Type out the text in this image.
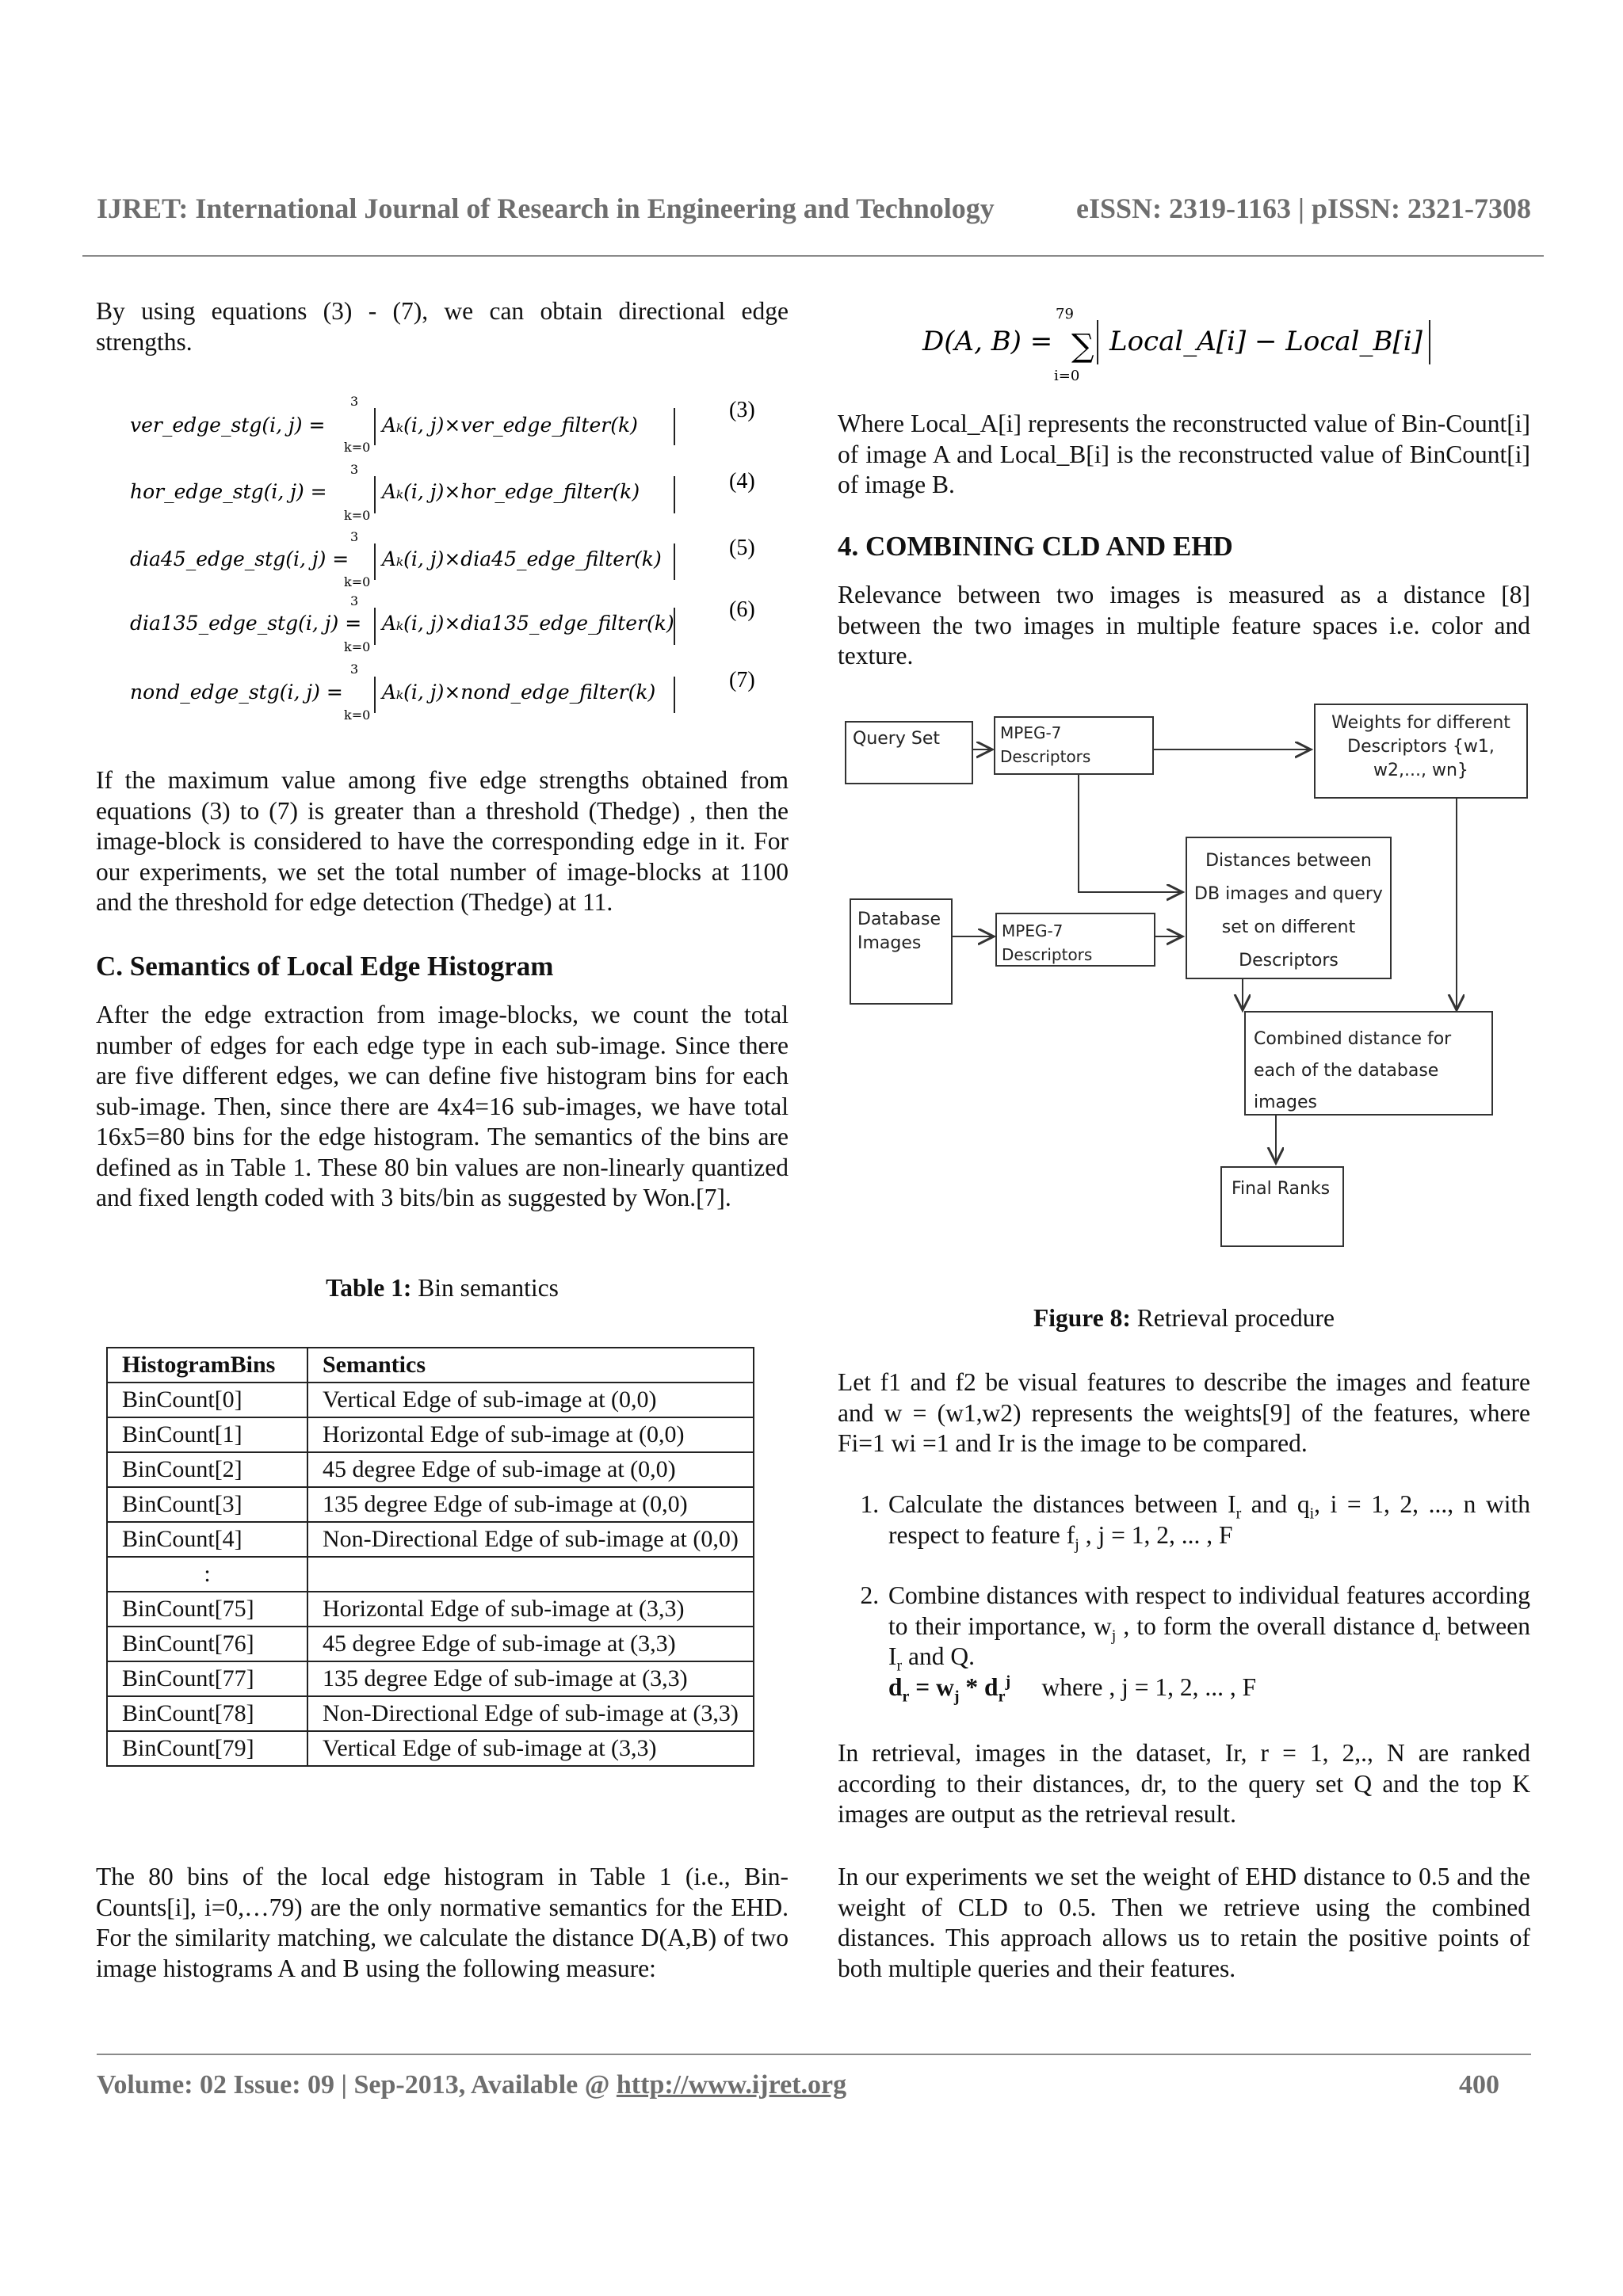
IJRET: International Journal of Research in Engineering and Technology	eISSN: 2319-1163 | pISSN: 2321-7308
By using equations (3) - (7), we can obtain directional edge strengths.
ver_edge_stg(i, j) =
3
k=0
Aₖ(i, j)×ver_edge_filter(k)
(3)
hor_edge_stg(i, j) =
3
k=0
Aₖ(i, j)×hor_edge_filter(k)	(4)
dia45_edge_stg(i, j) =
3
k=0
Aₖ(i, j)×dia45_edge_filter(k)	(5)
dia135_edge_stg(i, j) =
3
k=0
Aₖ(i, j)×dia135_edge_filter(k)
(6)
nond_edge_stg(i, j) =
3
k=0
Aₖ(i, j)×nond_edge_filter(k)	(7)
If the maximum value among five edge strengths obtained from equations (3) to (7) is greater than a threshold (Thedge) , then the image-block is considered to have the corresponding edge in it. For our experiments, we set the total number of image-blocks at 1100 and the threshold for edge detection (Thedge) at 11.
C. Semantics of Local Edge Histogram
After the edge extraction from image-blocks, we count the total number of edges for each edge type in each sub-image. Since there are five different edges, we can define five histogram bins for each sub-image. Then, since there are 4x4=16 sub-images, we have total 16x5=80 bins for the edge histogram. The semantics of the bins are defined as in Table 1. These 80 bin values are non-linearly quantized and fixed length coded with 3 bits/bin as suggested by Won.[7].
Table 1: Bin semantics
HistogramBins	Semantics
BinCount[0]	Vertical Edge of sub-image at (0,0)
BinCount[1]	Horizontal Edge of sub-image at (0,0)
BinCount[2]	45 degree Edge of sub-image at (0,0)
BinCount[3]	135 degree Edge of sub-image at (0,0)
BinCount[4]	Non-Directional Edge of sub-image at (0,0)
:	
BinCount[75]	Horizontal Edge of sub-image at (3,3)
BinCount[76]	45 degree Edge of sub-image at (3,3)
BinCount[77]	135 degree Edge of sub-image at (3,3)
BinCount[78]	Non-Directional Edge of sub-image at (3,3)
BinCount[79]	Vertical Edge of sub-image at (3,3)
The 80 bins of the local edge histogram in Table 1 (i.e., Bin-Counts[i], i=0,…79) are the only normative semantics for the EHD. For the similarity matching, we calculate the distance D(A,B) of two image histograms A and B using the following measure:
D(A, B) =
79
∑
i=0
Local_A[i] − Local_B[i]
Where Local_A[i] represents the reconstructed value of Bin-Count[i] of image A and Local_B[i] is the reconstructed value of BinCount[i] of image B.
4. COMBINING CLD AND EHD
Relevance between two images is measured as a distance [8] between the two images in multiple feature spaces i.e. color and texture.
Query Set	MPEG-7 Descriptors
Weights for different Descriptors {w1, w2,..., wn}
Database Images
MPEG-7 Descriptors
Distances between DB images and query set on different Descriptors
Combined distance for each of the database images
Final Ranks
Figure 8: Retrieval procedure
Let f1 and f2 be visual features to describe the images and feature and w = (w1,w2) represents the weights[9] of the features, where Fi=1 wi =1 and Ir is the image to be compared.
1. Calculate the distances between $I_r$ and $q_i$, i = 1, 2, ..., n with respect to feature $f_j$ , j = 1, 2, ... , F
2. Combine distances with respect to individual features according to their importance, $w_j$ , to form the overall distance $d_r$ between $I_r$ and Q.
$d_r = w_j * d_r^j$ where , j = 1, 2, ... , F
In retrieval, images in the dataset, Ir, r = 1, 2,., N are ranked according to their distances, dr, to the query set Q and the top K images are output as the retrieval result.
In our experiments we set the weight of EHD distance to 0.5 and the weight of CLD to 0.5. Then we retrieve using the combined distances. This approach allows us to retain the positive points of both multiple queries and their features.
Volume: 02 Issue: 09 | Sep-2013, Available @ http://www.ijret.org	400
